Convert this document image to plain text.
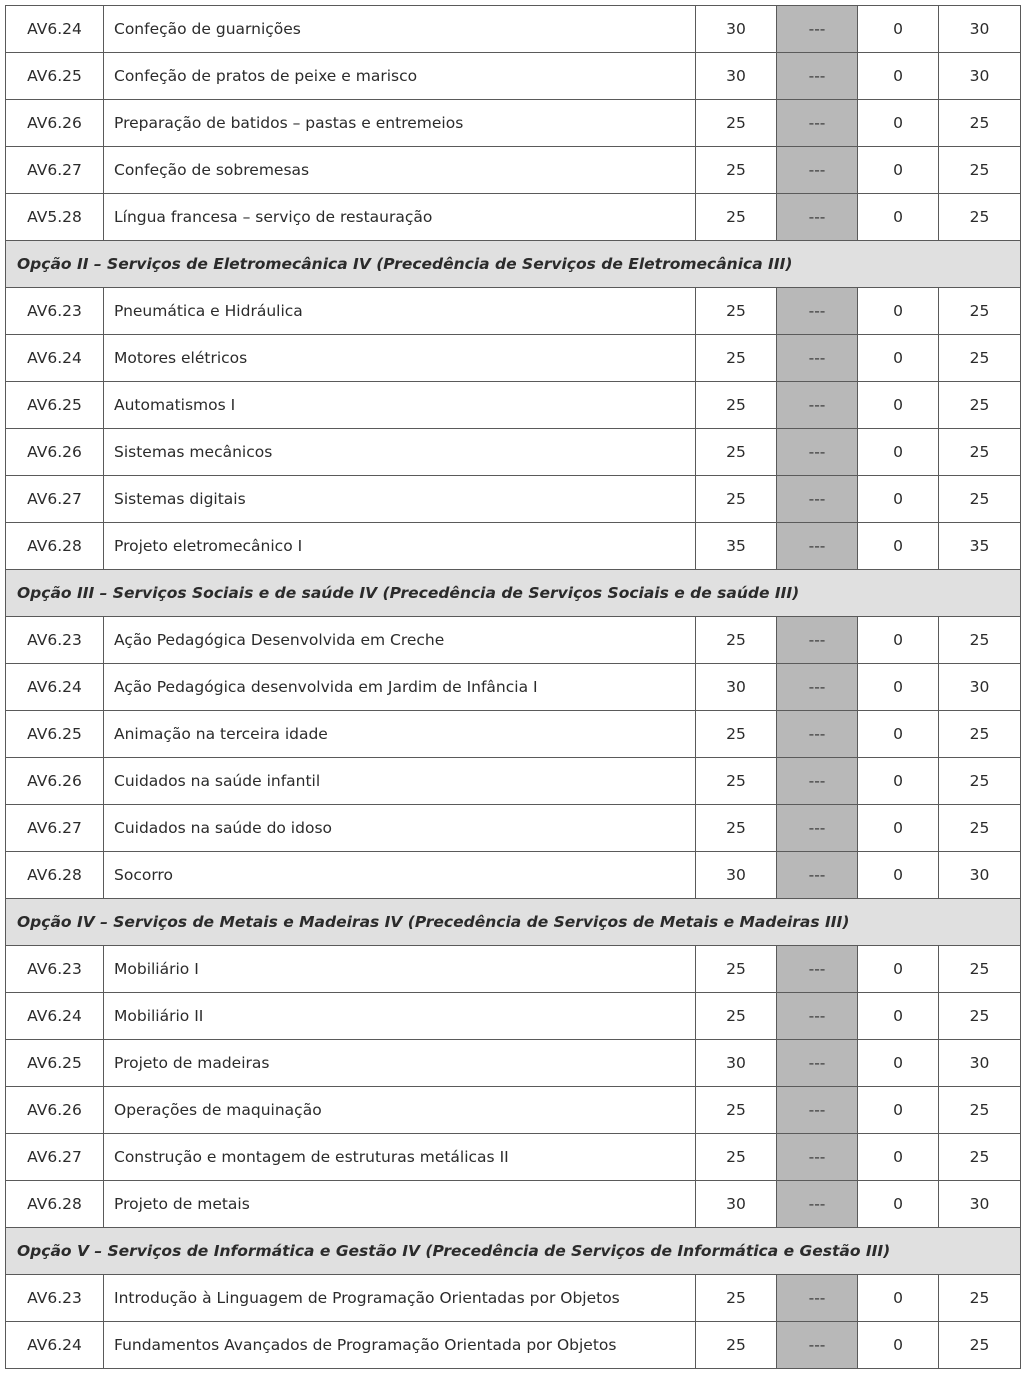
AV6.24	Confeção de guarnições	30	---	0	30
AV6.25	Confeção de pratos de peixe e marisco	30	---	0	30
AV6.26	Preparação de batidos – pastas e entremeios	25	---	0	25
AV6.27	Confeção de sobremesas	25	---	0	25
AV5.28	Língua francesa – serviço de restauração	25	---	0	25
Opção II – Serviços de Eletromecânica IV (Precedência de Serviços de Eletromecânica III)					
AV6.23	Pneumática e Hidráulica	25	---	0	25
AV6.24	Motores elétricos	25	---	0	25
AV6.25	Automatismos I	25	---	0	25
AV6.26	Sistemas mecânicos	25	---	0	25
AV6.27	Sistemas digitais	25	---	0	25
AV6.28	Projeto eletromecânico I	35	---	0	35
Opção III – Serviços Sociais e de saúde IV (Precedência de Serviços Sociais e de saúde III)					
AV6.23	Ação Pedagógica Desenvolvida em Creche	25	---	0	25
AV6.24	Ação Pedagógica desenvolvida em Jardim de Infância I	30	---	0	30
AV6.25	Animação na terceira idade	25	---	0	25
AV6.26	Cuidados na saúde infantil	25	---	0	25
AV6.27	Cuidados na saúde do idoso	25	---	0	25
AV6.28	Socorro	30	---	0	30
Opção IV – Serviços de Metais e Madeiras IV (Precedência de Serviços de Metais e Madeiras III)					
AV6.23	Mobiliário I	25	---	0	25
AV6.24	Mobiliário II	25	---	0	25
AV6.25	Projeto de madeiras	30	---	0	30
AV6.26	Operações de maquinação	25	---	0	25
AV6.27	Construção e montagem de estruturas metálicas II	25	---	0	25
AV6.28	Projeto de metais	30	---	0	30
Opção V – Serviços de Informática e Gestão IV (Precedência de Serviços de Informática e Gestão III)					
AV6.23	Introdução à Linguagem de Programação Orientadas por Objetos	25	---	0	25
AV6.24	Fundamentos Avançados de Programação Orientada por Objetos	25	---	0	25
